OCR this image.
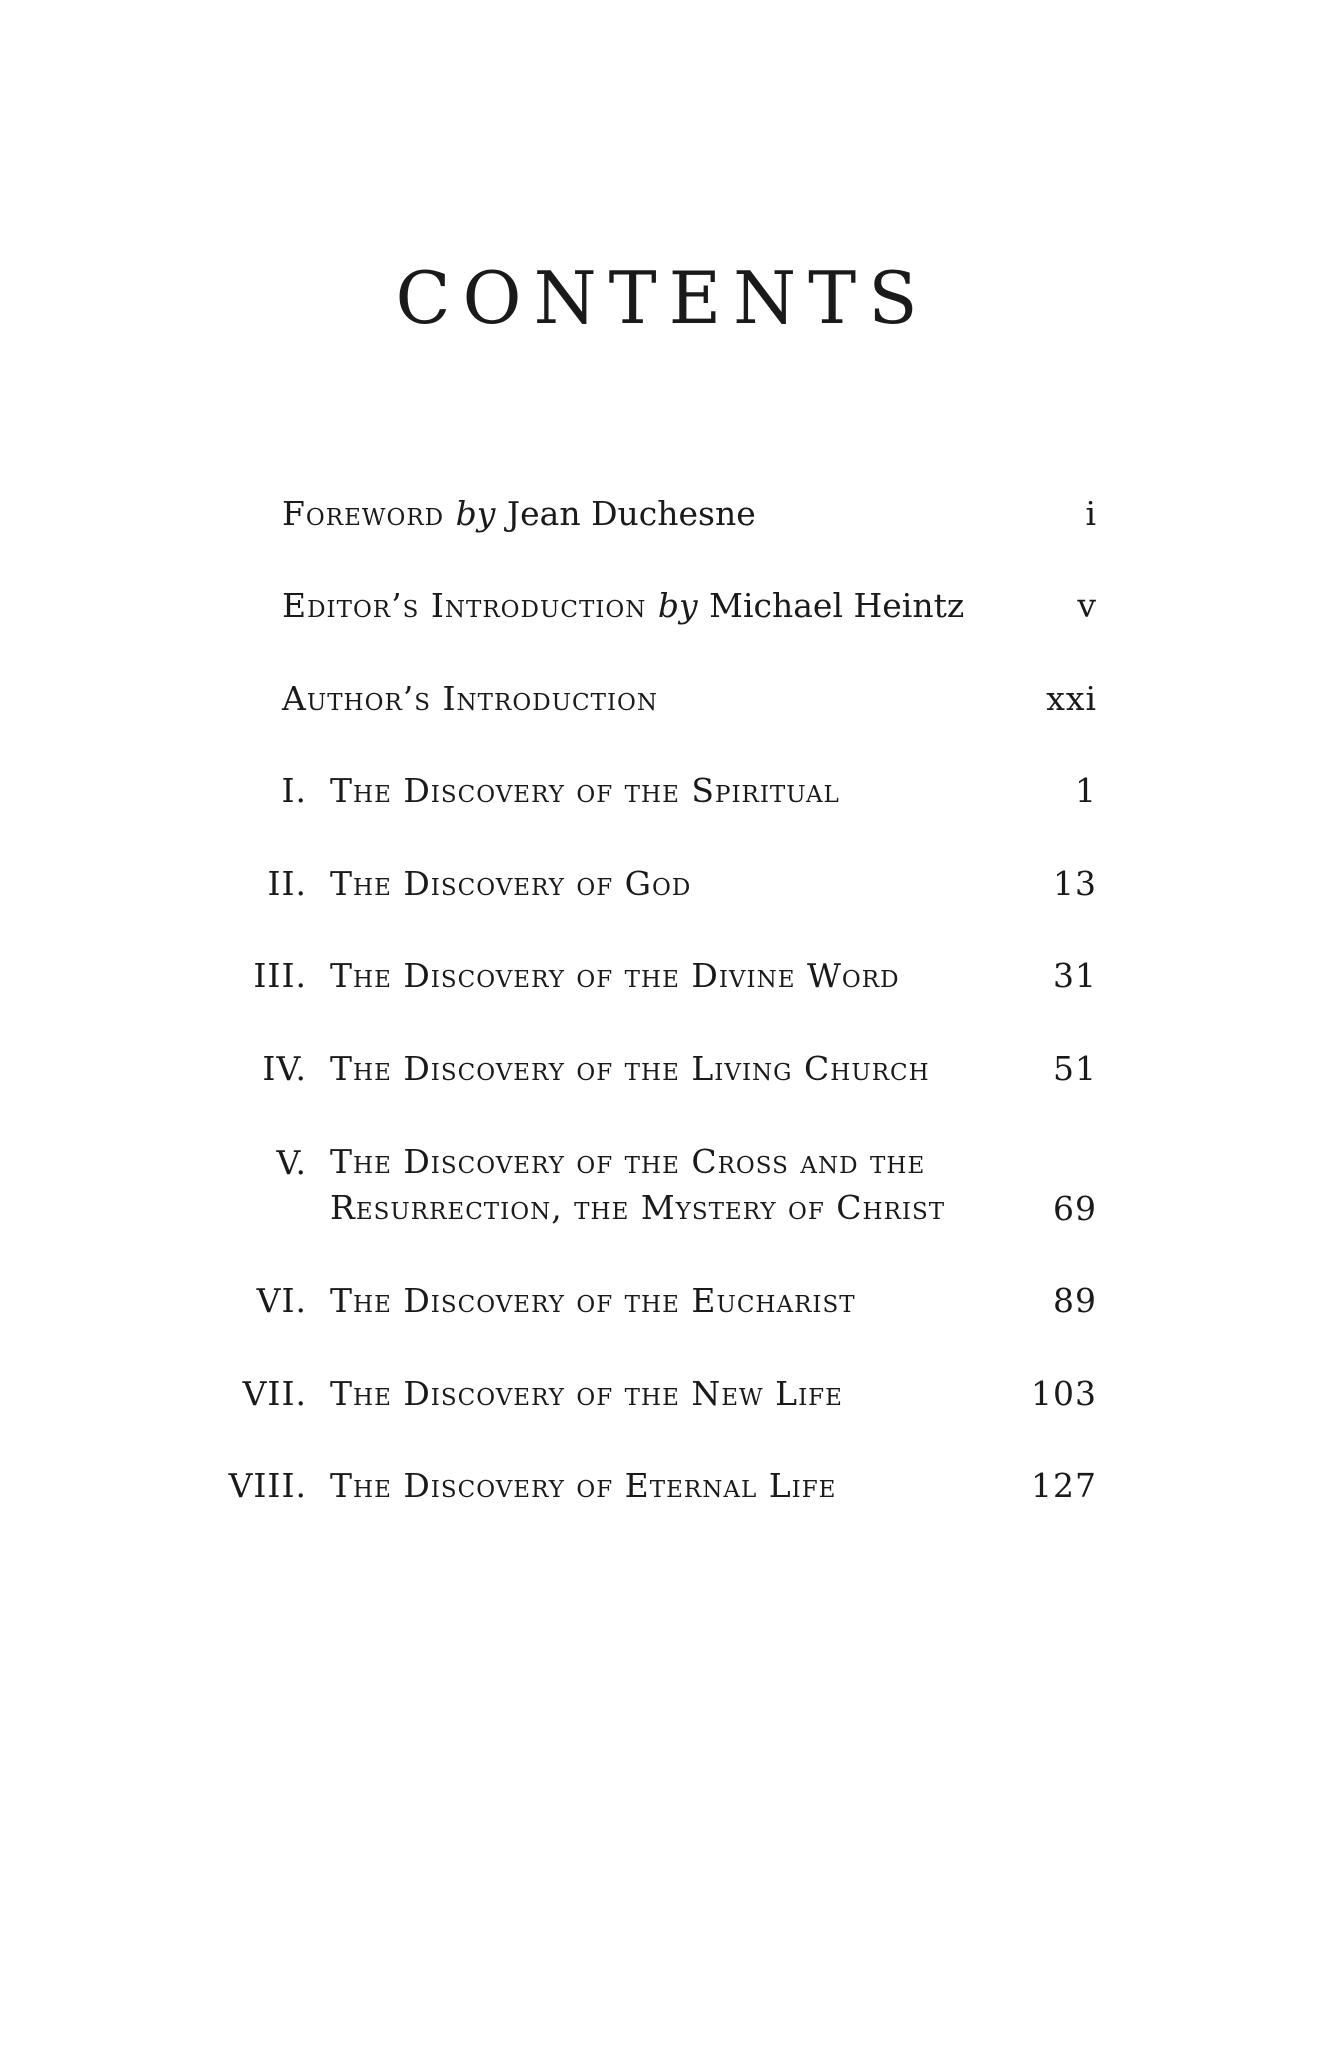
CONTENTS
Foreword by Jean Duchesne	i
Editor’s Introduction by Michael Heintz	v
Author’s Introduction	xxi
I. The Discovery of the Spiritual	1
II. The Discovery of God	13
III. The Discovery of the Divine Word	31
IV. The Discovery of the Living Church	51
V. The Discovery of the Cross and the
Resurrection, the Mystery of Christ	69
VI. The Discovery of the Eucharist	89
VII. The Discovery of the New Life	103
VIII. The Discovery of Eternal Life	127
